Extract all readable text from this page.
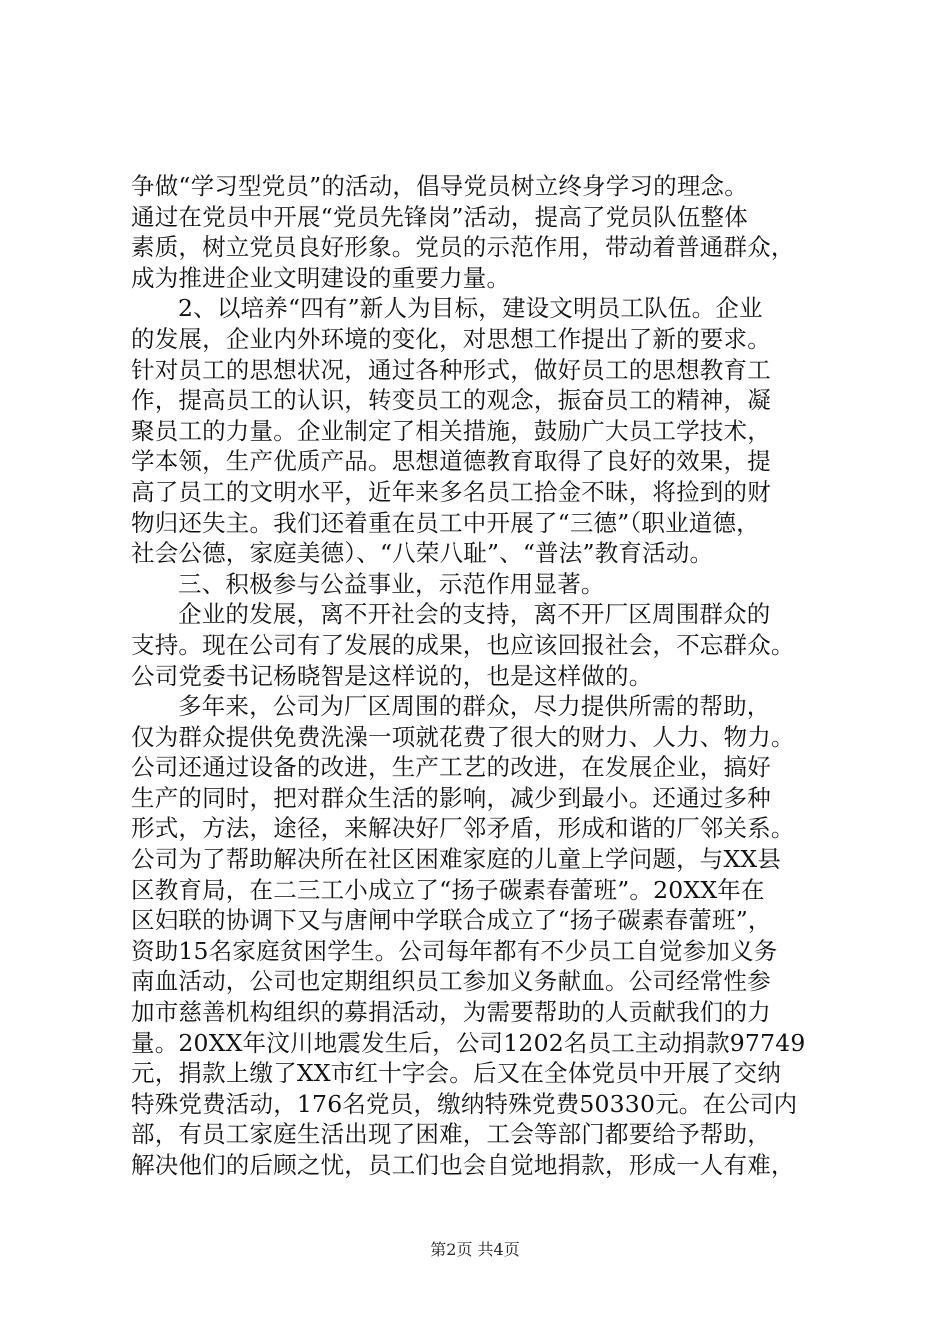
争做“学习型党员”的活动，倡导党员树立终身学习的理念。
通过在党员中开展“党员先锋岗”活动，提高了党员队伍整体
素质，树立党员良好形象。党员的示范作用，带动着普通群众，
成为推进企业文明建设的重要力量。
2、以培养“四有”新人为目标，建设文明员工队伍。企业
的发展，企业内外环境的变化，对思想工作提出了新的要求。
针对员工的思想状况，通过各种形式，做好员工的思想教育工
作，提高员工的认识，转变员工的观念，振奋员工的精神，凝
聚员工的力量。企业制定了相关措施，鼓励广大员工学技术，
学本领，生产优质产品。思想道德教育取得了良好的效果，提
高了员工的文明水平，近年来多名员工拾金不昧，将捡到的财
物归还失主。我们还着重在员工中开展了“三德”（职业道德，
社会公德，家庭美德）、“八荣八耻”、“普法”教育活动。
三、积极参与公益事业，示范作用显著。
企业的发展，离不开社会的支持，离不开厂区周围群众的
支持。现在公司有了发展的成果，也应该回报社会，不忘群众。
公司党委书记杨晓智是这样说的，也是这样做的。
多年来，公司为厂区周围的群众，尽力提供所需的帮助，
仅为群众提供免费洗澡一项就花费了很大的财力、人力、物力。
公司还通过设备的改进，生产工艺的改进，在发展企业，搞好
生产的同时，把对群众生活的影响，减少到最小。还通过多种
形式，方法，途径，来解决好厂邻矛盾，形成和谐的厂邻关系。
公司为了帮助解决所在社区困难家庭的儿童上学问题，与XX县
区教育局，在二三工小成立了“扬子碳素春蕾班”。20XX年在
区妇联的协调下又与唐闸中学联合成立了“扬子碳素春蕾班”，
资助15名家庭贫困学生。公司每年都有不少员工自觉参加义务
南血活动，公司也定期组织员工参加义务献血。公司经常性参
加市慈善机构组织的募捐活动，为需要帮助的人贡献我们的力
量。20XX年汶川地震发生后，公司1202名员工主动捐款97749
元，捐款上缴了XX市红十字会。后又在全体党员中开展了交纳
特殊党费活动，176名党员，缴纳特殊党费50330元。在公司内
部，有员工家庭生活出现了困难，工会等部门都要给予帮助，
解决他们的后顾之忧，员工们也会自觉地捐款，形成一人有难，
第2页 共4页
